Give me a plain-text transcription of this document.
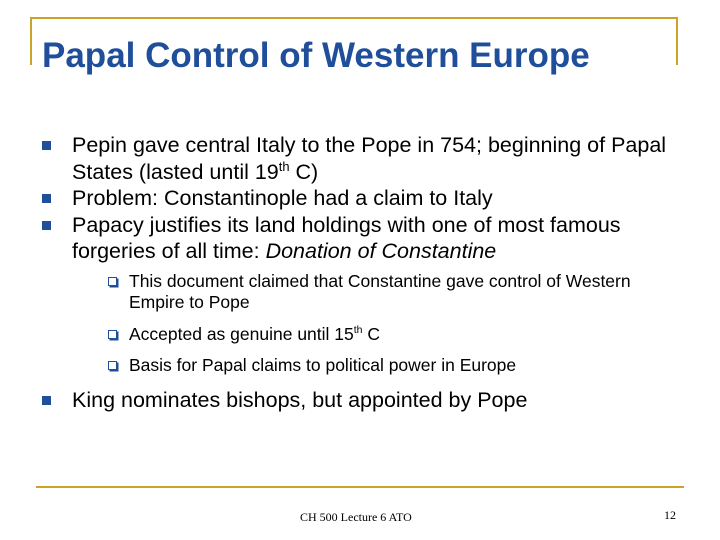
Papal Control of Western Europe
Pepin gave central Italy to the Pope in 754; beginning of Papal States (lasted until 19th C)
Problem: Constantinople had a claim to Italy
Papacy justifies its land holdings with one of most famous forgeries of all time: Donation of Constantine
This document claimed that Constantine gave control of Western Empire to Pope
Accepted as genuine until 15th C
Basis for Papal claims to political power in Europe
King nominates bishops, but appointed by Pope
CH 500 Lecture 6 ATO	12
